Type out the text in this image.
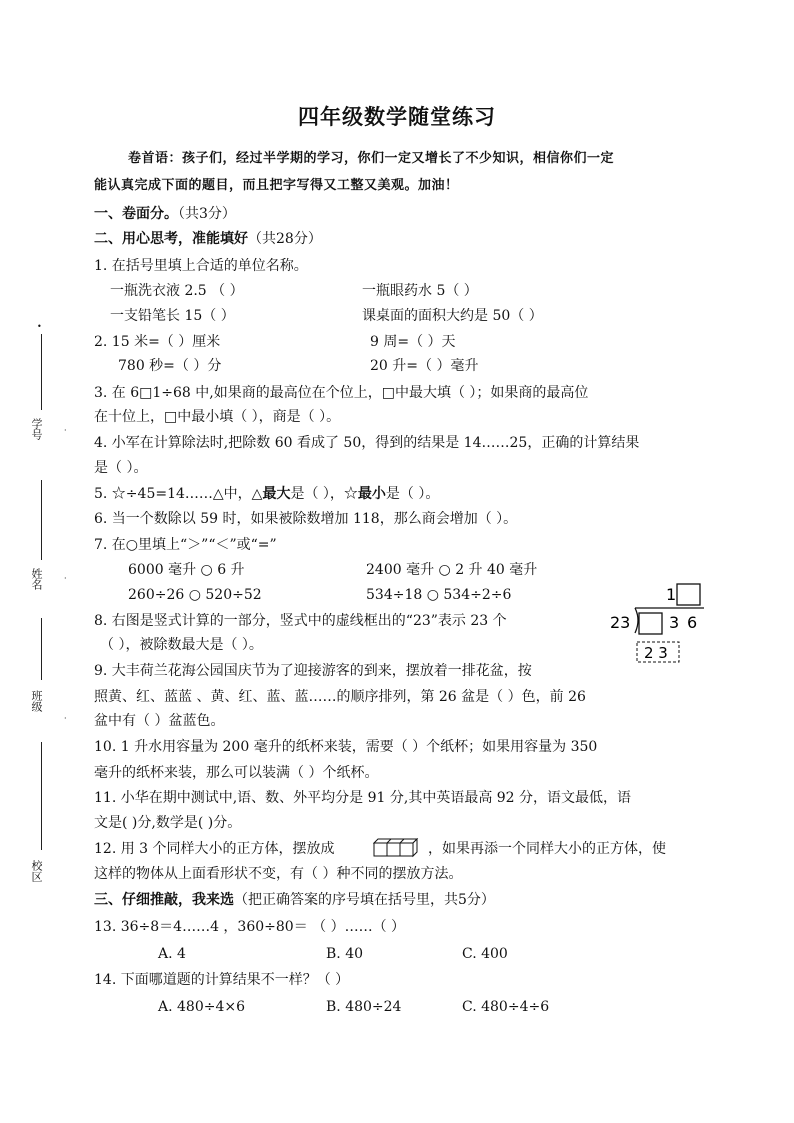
四年级数学随堂练习
卷首语：孩子们，经过半学期的学习，你们一定又增长了不少知识，相信你们一定
能认真完成下面的题目，而且把字写得又工整又美观。加油！
一、卷面分。（共3分）
二、用心思考，准能填好（共28分）
1. 在括号里填上合适的单位名称。
一瓶洗衣液 2.5 （ ）	一瓶眼药水 5（ ）
一支铅笔长 15（ ）	课桌面的面积大约是 50（ ）
2. 15 米=（ ）厘米	9 周=（ ）天
780 秒=（ ）分	20 升=（ ）毫升
3. 在 6□1÷68 中,如果商的最高位在个位上，□中最大填（ ）；如果商的最高位
在十位上，□中最小填（ ），商是（ ）。
4. 小军在计算除法时,把除数 60 看成了 50，得到的结果是 14……25，正确的计算结果
是（ ）。
5. ☆÷45=14……△中，△最大是（ ），☆最小是（ ）。
6. 当一个数除以 59 时，如果被除数增加 118，那么商会增加（ ）。
7. 在○里填上“＞”“＜”或“=”
6000 毫升 ○ 6 升	2400 毫升 ○ 2 升 40 毫升
260÷26 ○ 520÷52	534÷18 ○ 534÷2÷6
8. 右图是竖式计算的一部分，竖式中的虚线框出的“23”表示 23 个
（ ），被除数最大是（ ）。
1
23 3 6
2 3
9. 大丰荷兰花海公园国庆节为了迎接游客的到来，摆放着一排花盆，按
照黄、红、蓝蓝 、黄、红、蓝、蓝……的顺序排列，第 26 盆是（ ）色，前 26
盆中有（ ）盆蓝色。
10. 1 升水用容量为 200 毫升的纸杯来装，需要（ ）个纸杯；如果用容量为 350
毫升的纸杯来装，那么可以装满（ ）个纸杯。
11. 小华在期中测试中,语、数、外平均分是 91 分,其中英语最高 92 分，语文最低，语
文是( )分,数学是( )分。
12. 用 3 个同样大小的正方体，摆放成	，如果再添一个同样大小的正方体，使
这样的物体从上面看形状不变，有（ ）种不同的摆放方法。
三、仔细推敲，我来选（把正确答案的序号填在括号里，共5分）
13. 36÷8＝4……4 ，360÷80＝ （ ）……（ ）
A. 4	B. 40	C. 400
14. 下面哪道题的计算结果不一样？（ ）
A. 480÷4×6	B. 480÷24	C. 480÷4÷6
•
学号	·
姓名	·
班级
·
校区
